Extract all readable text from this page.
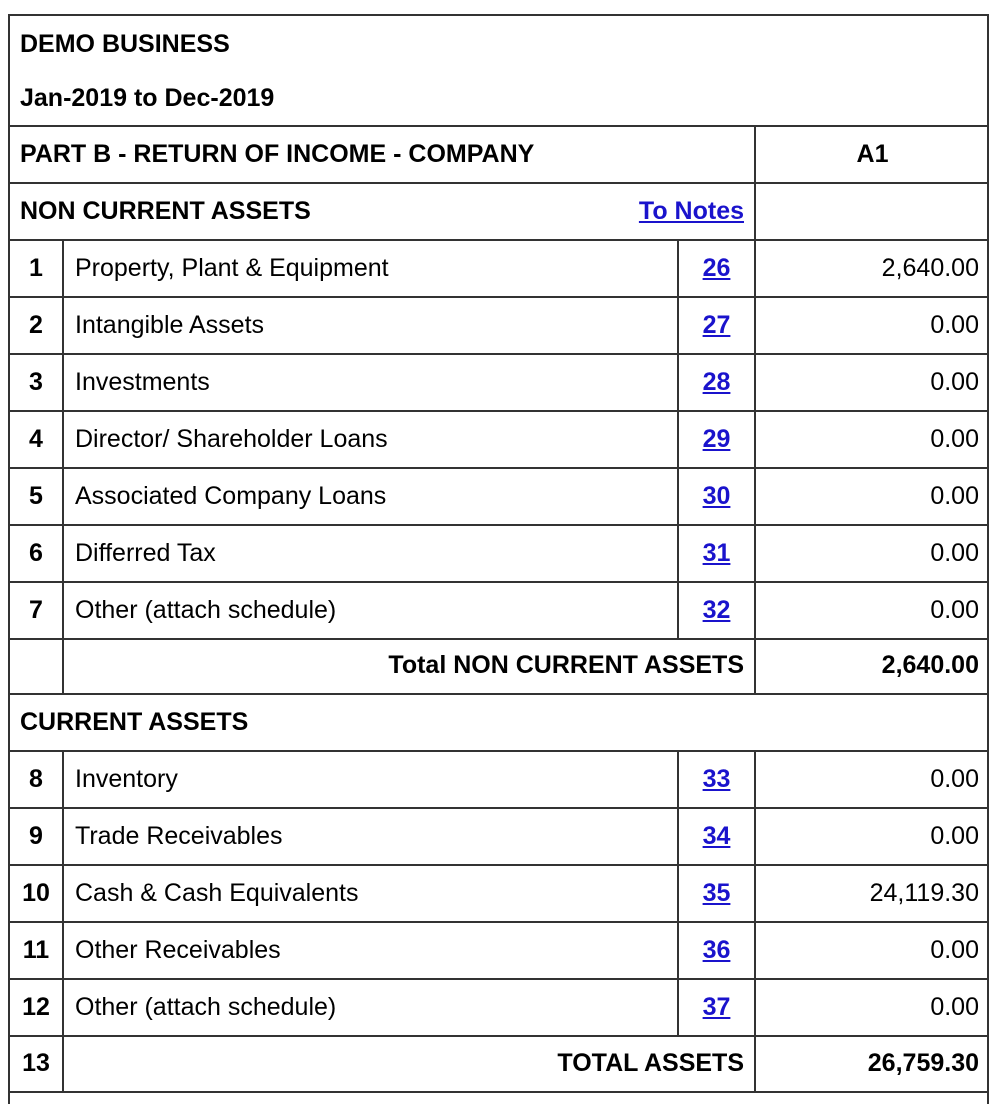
DEMO BUSINESS
Jan-2019 to Dec-2019
PART B - RETURN OF INCOME - COMPANY	A1
NON CURRENT ASSETS	To Notes
1	Property, Plant & Equipment	26	2,640.00
2	Intangible Assets	27	0.00
3	Investments	28	0.00
4	Director/ Shareholder Loans	29	0.00
5	Associated Company Loans	30	0.00
6	Differred Tax	31	0.00
7	Other (attach schedule)	32	0.00
Total NON CURRENT ASSETS	2,640.00
CURRENT ASSETS
8	Inventory	33	0.00
9	Trade Receivables	34	0.00
10	Cash & Cash Equivalents	35	24,119.30
11	Other Receivables	36	0.00
12	Other (attach schedule)	37	0.00
13	TOTAL ASSETS	26,759.30
